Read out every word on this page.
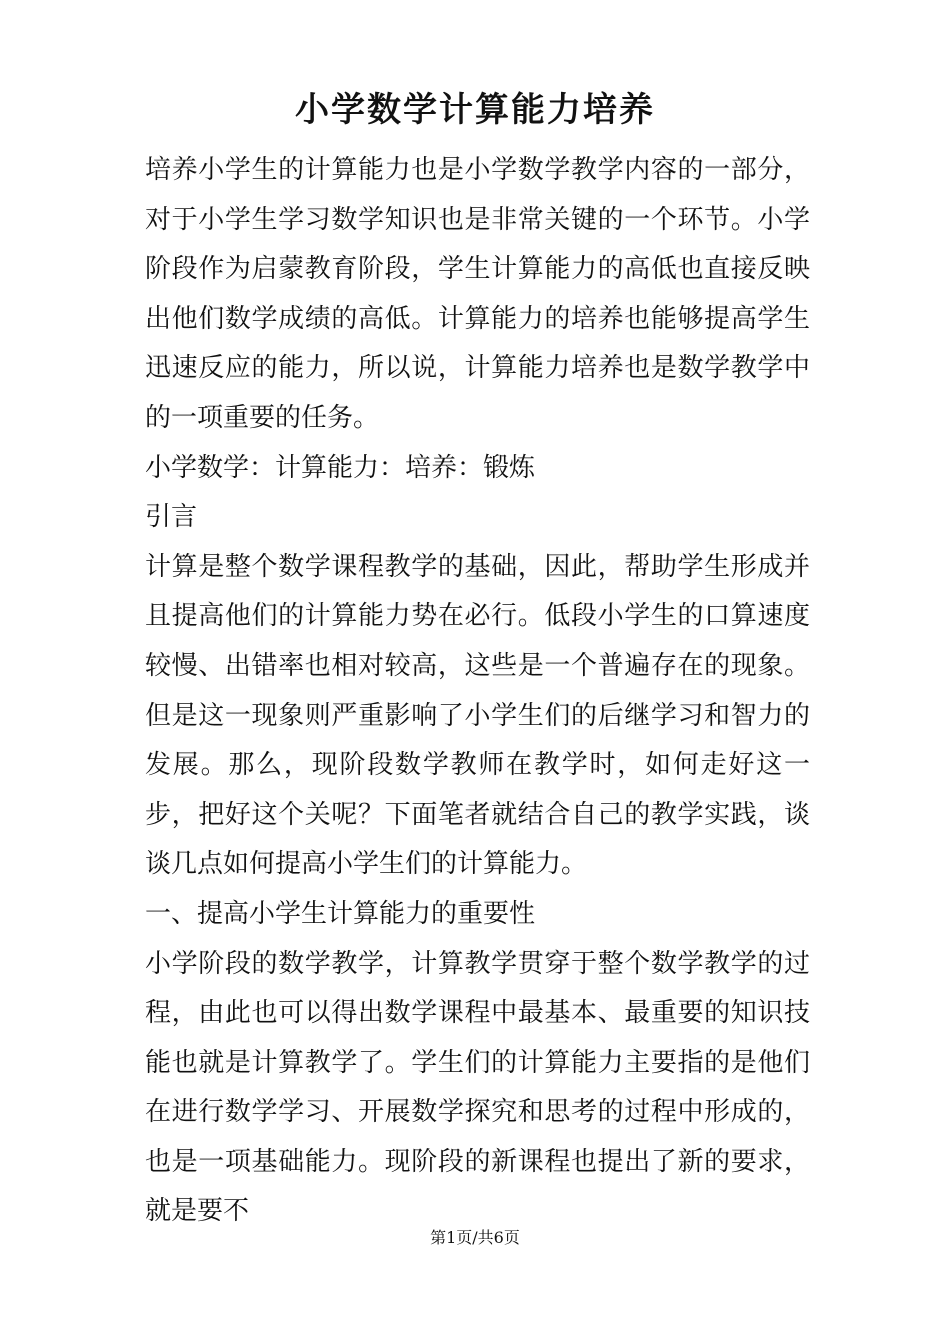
小学数学计算能力培养

培养小学生的计算能力也是小学数学教学内容的一部分，对于小学生学习数学知识也是非常关键的一个环节。小学阶段作为启蒙教育阶段，学生计算能力的高低也直接反映出他们数学成绩的高低。计算能力的培养也能够提高学生迅速反应的能力，所以说，计算能力培养也是数学教学中的一项重要的任务。

小学数学：计算能力：培养：锻炼

引言

计算是整个数学课程教学的基础，因此，帮助学生形成并且提高他们的计算能力势在必行。低段小学生的口算速度较慢、出错率也相对较高，这些是一个普遍存在的现象。但是这一现象则严重影响了小学生们的后继学习和智力的发展。那么，现阶段数学教师在教学时，如何走好这一步，把好这个关呢？下面笔者就结合自己的教学实践，谈谈几点如何提高小学生们的计算能力。

一、提高小学生计算能力的重要性

小学阶段的数学教学，计算教学贯穿于整个数学教学的过程，由此也可以得出数学课程中最基本、最重要的知识技能也就是计算教学了。学生们的计算能力主要指的是他们在进行数学学习、开展数学探究和思考的过程中形成的，也是一项基础能力。现阶段的新课程也提出了新的要求，就是要不

第1页/共6页
